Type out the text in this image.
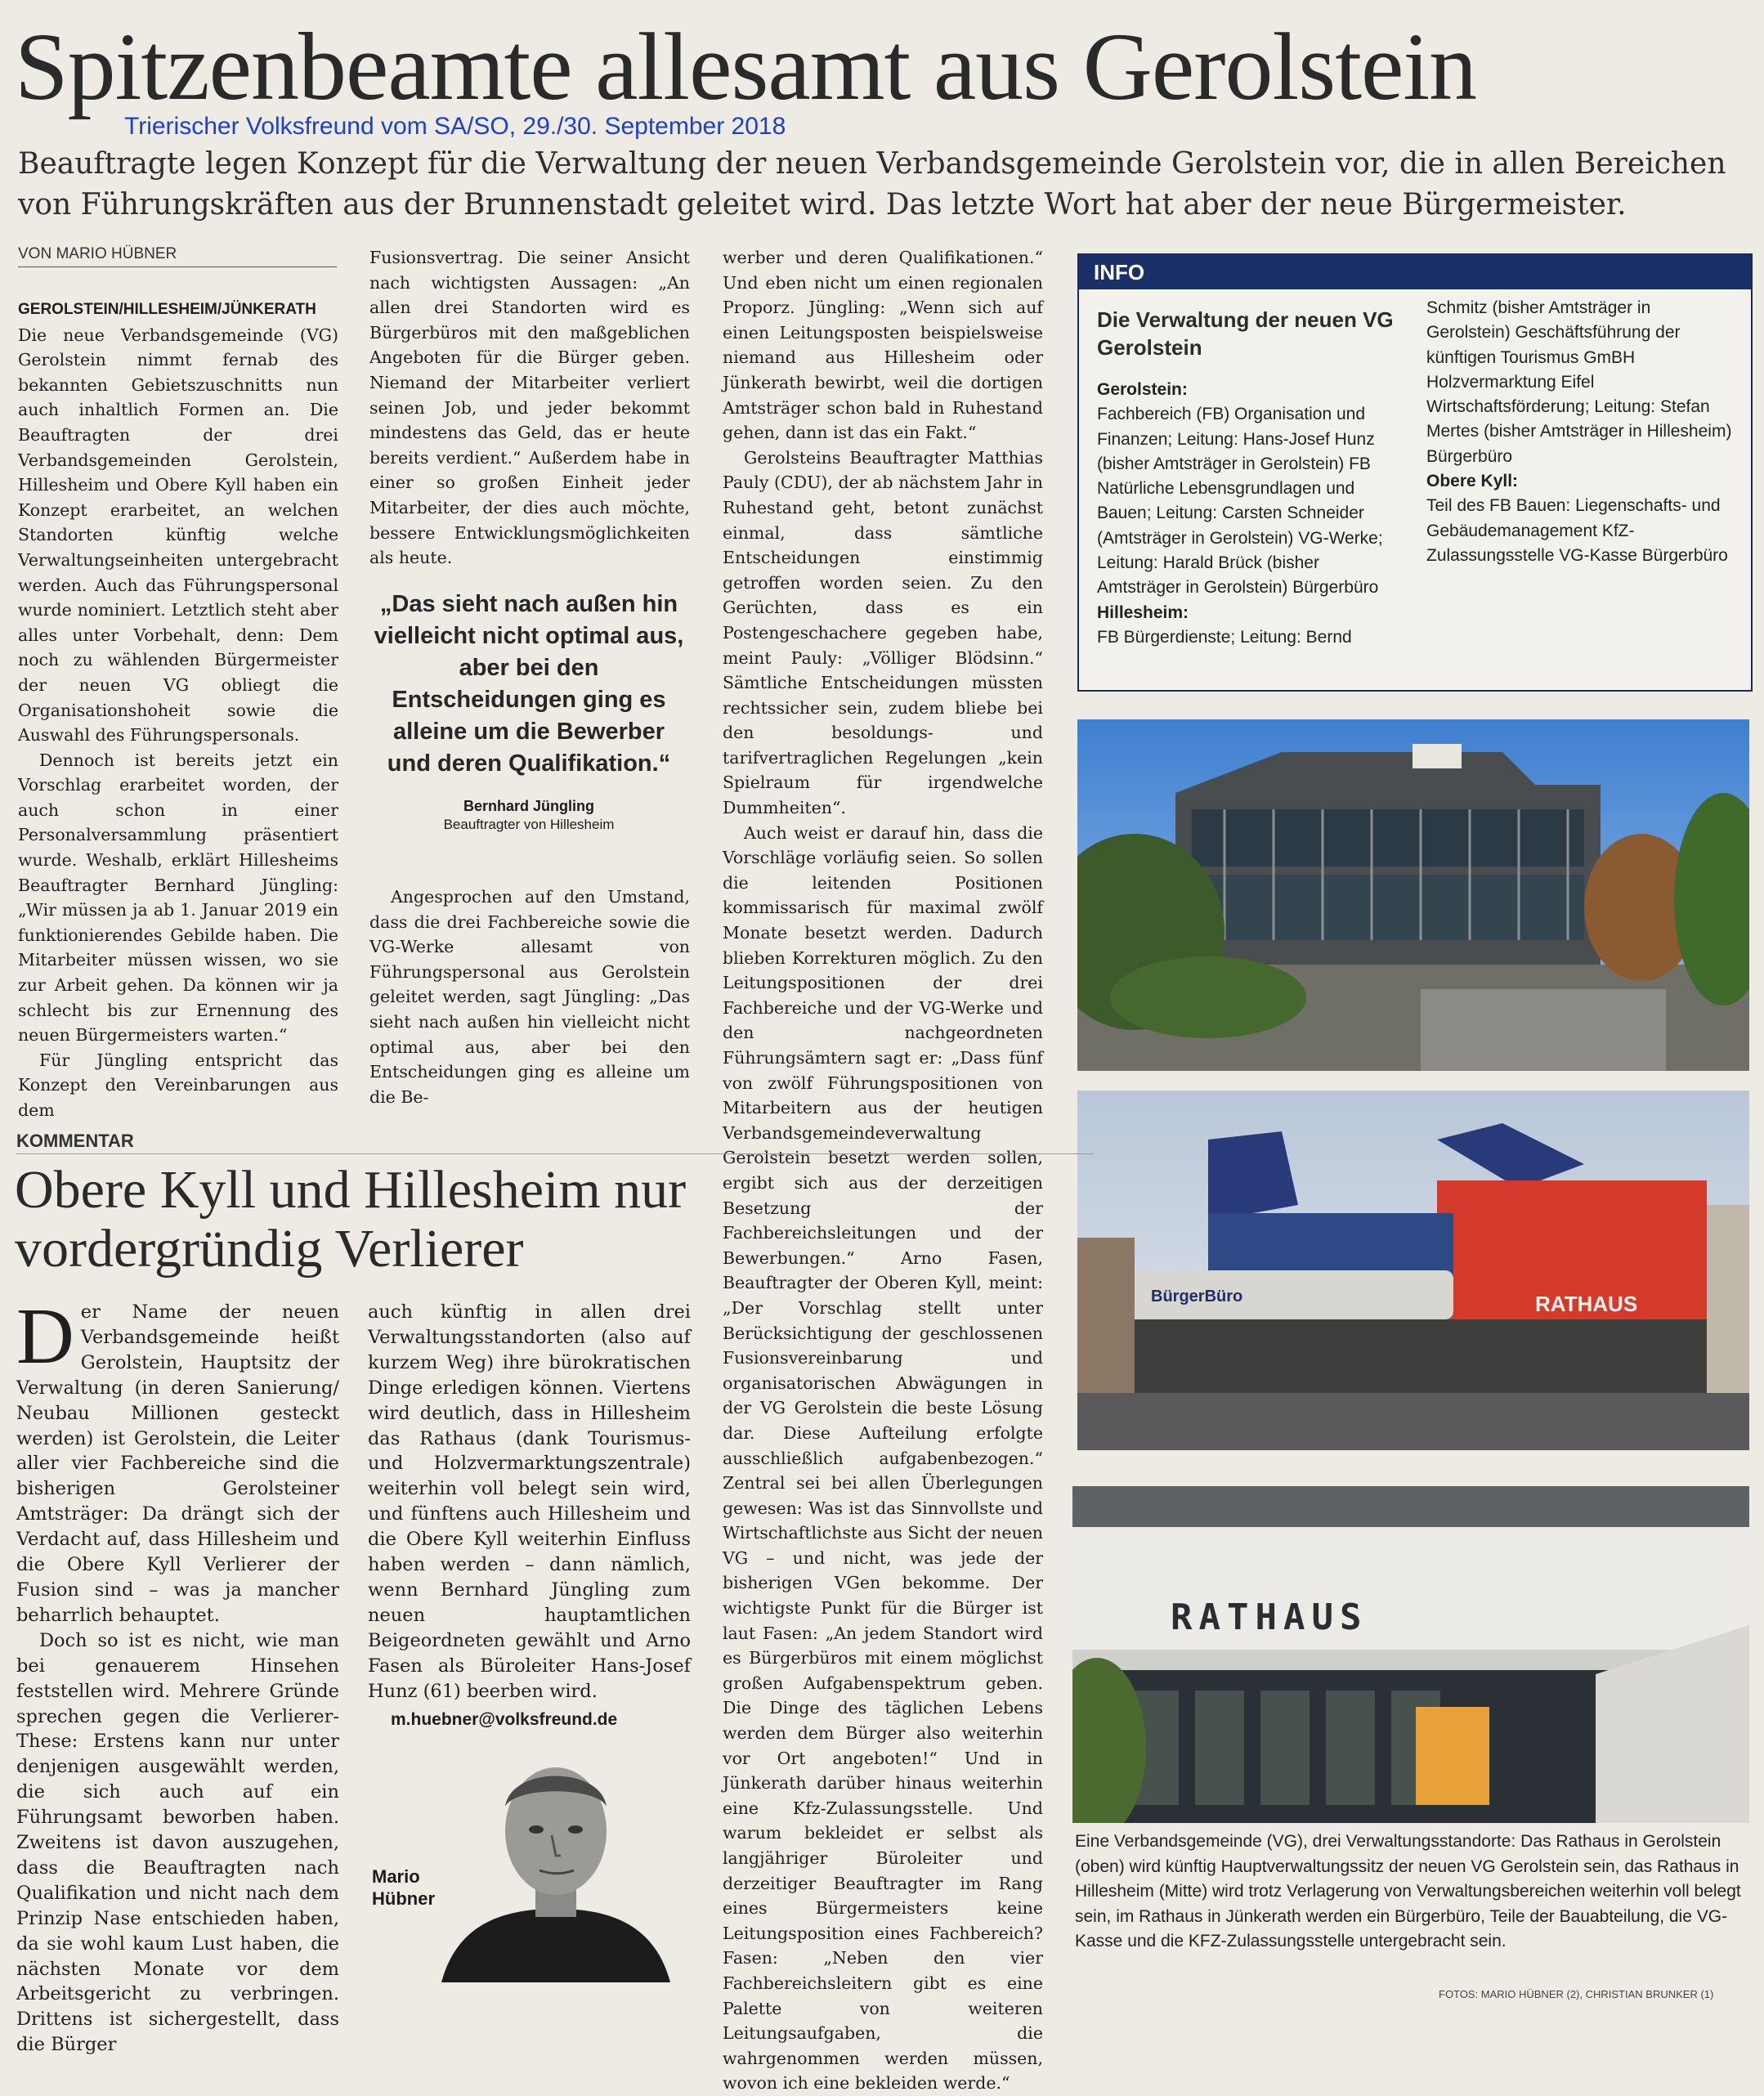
Spitzenbeamte allesamt aus Gerolstein
Trierischer Volksfreund vom SA/SO, 29./30. September 2018
Beauftragte legen Konzept für die Verwaltung der neuen Verbandsgemeinde Gerolstein vor, die in allen Bereichen von Führungskräften aus der Brunnenstadt geleitet wird. Das letzte Wort hat aber der neue Bürgermeister.
VON MARIO HÜBNER

GEROLSTEIN/HILLESHEIM/JÜNKERATH Die neue Verbandsgemeinde (VG) Gerolstein nimmt fernab des bekannten Gebietszuschnitts nun auch inhaltlich Formen an. Die Beauftragten der drei Verbandsgemeinden Gerolstein, Hillesheim und Obere Kyll haben ein Konzept erarbeitet, an welchen Standorten künftig welche Verwaltungseinheiten untergebracht werden. Auch das Führungspersonal wurde nominiert. Letztlich steht aber alles unter Vorbehalt, denn: Dem noch zu wählenden Bürgermeister der neuen VG obliegt die Organisationshoheit sowie die Auswahl des Führungspersonals.

Dennoch ist bereits jetzt ein Vorschlag erarbeitet worden, der auch schon in einer Personalversammlung präsentiert wurde. Weshalb, erklärt Hillesheims Beauftragter Bernhard Jüngling: „Wir müssen ja ab 1. Januar 2019 ein funktionierendes Gebilde haben. Die Mitarbeiter müssen wissen, wo sie zur Arbeit gehen. Da können wir ja schlecht bis zur Ernennung des neuen Bürgermeisters warten.“

Für Jüngling entspricht das Konzept den Vereinbarungen aus dem

Fusionsvertrag. Die seiner Ansicht nach wichtigsten Aussagen: „An allen drei Standorten wird es Bürgerbüros mit den maßgeblichen Angeboten für die Bürger geben. Niemand der Mitarbeiter verliert seinen Job, und jeder bekommt mindestens das Geld, das er heute bereits verdient.“ Außerdem habe in einer so großen Einheit jeder Mitarbeiter, der dies auch möchte, bessere Entwicklungsmöglichkeiten als heute.

„Das sieht nach außen hin vielleicht nicht optimal aus, aber bei den Entscheidungen ging es alleine um die Bewerber und deren Qualifikation.“
Bernhard Jüngling
Beauftragter von Hillesheim

Angesprochen auf den Umstand, dass die drei Fachbereiche sowie die VG-Werke allesamt von Führungspersonal aus Gerolstein geleitet werden, sagt Jüngling: „Das sieht nach außen hin vielleicht nicht optimal aus, aber bei den Entscheidungen ging es alleine um die Be-

werber und deren Qualifikationen.“ Und eben nicht um einen regionalen Proporz. Jüngling: „Wenn sich auf einen Leitungsposten beispielsweise niemand aus Hillesheim oder Jünkerath bewirbt, weil die dortigen Amtsträger schon bald in Ruhestand gehen, dann ist das ein Fakt.“

Gerolsteins Beauftragter Matthias Pauly (CDU), der ab nächstem Jahr in Ruhestand geht, betont zunächst einmal, dass sämtliche Entscheidungen einstimmig getroffen worden seien. Zu den Gerüchten, dass es ein Postengeschachere gegeben habe, meint Pauly: „Völliger Blödsinn.“ Sämtliche Entscheidungen müssten rechtssicher sein, zudem bliebe bei den besoldungs- und tarifvertraglichen Regelungen „kein Spielraum für irgendwelche Dummheiten“.

Auch weist er darauf hin, dass die Vorschläge vorläufig seien. So sollen die leitenden Positionen kommissarisch für maximal zwölf Monate besetzt werden. Dadurch blieben Korrekturen möglich. Zu den Leitungspositionen der drei Fachbereiche und der VG-Werke und den nachgeordneten Führungsämtern sagt er: „Dass fünf von zwölf Führungspositionen von Mitarbeitern aus der heutigen Verbandsgemeindeverwaltung Gerolstein besetzt werden sollen, ergibt sich aus der derzeitigen Besetzung der Fachbereichsleitungen und der Bewerbungen.“ Arno Fasen, Beauftragter der Oberen Kyll, meint: „Der Vorschlag stellt unter Berücksichtigung der geschlossenen Fusionsvereinbarung und organisatorischen Abwägungen in der VG Gerolstein die beste Lösung dar. Diese Aufteilung erfolgte ausschließlich aufgabenbezogen.“ Zentral sei bei allen Überlegungen gewesen: Was ist das Sinnvollste und Wirtschaftlichste aus Sicht der neuen VG – und nicht, was jede der bisherigen VGen bekomme. Der wichtigste Punkt für die Bürger ist laut Fasen: „An jedem Standort wird es Bürgerbüros mit einem möglichst großen Aufgabenspektrum geben. Die Dinge des täglichen Lebens werden dem Bürger also weiterhin vor Ort angeboten!“ Und in Jünkerath darüber hinaus weiterhin eine Kfz-Zulassungsstelle. Und warum bekleidet er selbst als langjähriger Büroleiter und derzeitiger Beauftragter im Rang eines Bürgermeisters keine Leitungsposition eines Fachbereich? Fasen: „Neben den vier Fachbereichsleitern gibt es eine Palette von weiteren Leitungsaufgaben, die wahrgenommen werden müssen, wovon ich eine bekleiden werde.“

INFO
Die Verwaltung der neuen VG Gerolstein
Gerolstein:
Fachbereich (FB) Organisation und Finanzen; Leitung: Hans-Josef Hunz (bisher Amtsträger in Gerolstein) FB Natürliche Lebensgrundlagen und Bauen; Leitung: Carsten Schneider (Amtsträger in Gerolstein) VG-Werke; Leitung: Harald Brück (bisher Amtsträger in Gerolstein) Bürgerbüro
Hillesheim:
FB Bürgerdienste; Leitung: Bernd
Schmitz (bisher Amtsträger in Gerolstein) Geschäftsführung der künftigen Tourismus GmBH Holzvermarktung Eifel Wirtschaftsförderung; Leitung: Stefan Mertes (bisher Amtsträger in Hillesheim) Bürgerbüro
Obere Kyll:
Teil des FB Bauen: Liegenschafts- und Gebäudemanagement KfZ-Zulassungsstelle VG-Kasse Bürgerbüro
BürgerBüro	RATHAUS
RATHAUS
Eine Verbandsgemeinde (VG), drei Verwaltungsstandorte: Das Rathaus in Gerolstein (oben) wird künftig Hauptverwaltungssitz der neuen VG Gerolstein sein, das Rathaus in Hillesheim (Mitte) wird trotz Verlagerung von Verwaltungsbereichen weiterhin voll belegt sein, im Rathaus in Jünkerath werden ein Bürgerbüro, Teile der Bauabteilung, die VG-Kasse und die KFZ-Zulassungsstelle untergebracht sein.
FOTOS: MARIO HÜBNER (2), CHRISTIAN BRUNKER (1)
KOMMENTAR
Obere Kyll und Hillesheim nur vordergründig Verlierer

Der Name der neuen Verbandsgemeinde heißt Gerolstein, Hauptsitz der Verwaltung (in deren Sanierung/ Neubau Millionen gesteckt werden) ist Gerolstein, die Leiter aller vier Fachbereiche sind die bisherigen Gerolsteiner Amtsträger: Da drängt sich der Verdacht auf, dass Hillesheim und die Obere Kyll Verlierer der Fusion sind – was ja mancher beharrlich behauptet.

Doch so ist es nicht, wie man bei genauerem Hinsehen feststellen wird. Mehrere Gründe sprechen gegen die Verlierer-These: Erstens kann nur unter denjenigen ausgewählt werden, die sich auch auf ein Führungsamt beworben haben. Zweitens ist davon auszugehen, dass die Beauftragten nach Qualifikation und nicht nach dem Prinzip Nase entschieden haben, da sie wohl kaum Lust haben, die nächsten Monate vor dem Arbeitsgericht zu verbringen. Drittens ist sichergestellt, dass die Bürger

auch künftig in allen drei Verwaltungsstandorten (also auf kurzem Weg) ihre bürokratischen Dinge erledigen können. Viertens wird deutlich, dass in Hillesheim das Rathaus (dank Tourismus- und Holzvermarktungszentrale) weiterhin voll belegt sein wird, und fünftens auch Hillesheim und die Obere Kyll weiterhin Einfluss haben werden – dann nämlich, wenn Bernhard Jüngling zum neuen hauptamtlichen Beigeordneten gewählt und Arno Fasen als Büroleiter Hans-Josef Hunz (61) beerben wird.

m.huebner@volksfreund.de
Mario
Hübner
